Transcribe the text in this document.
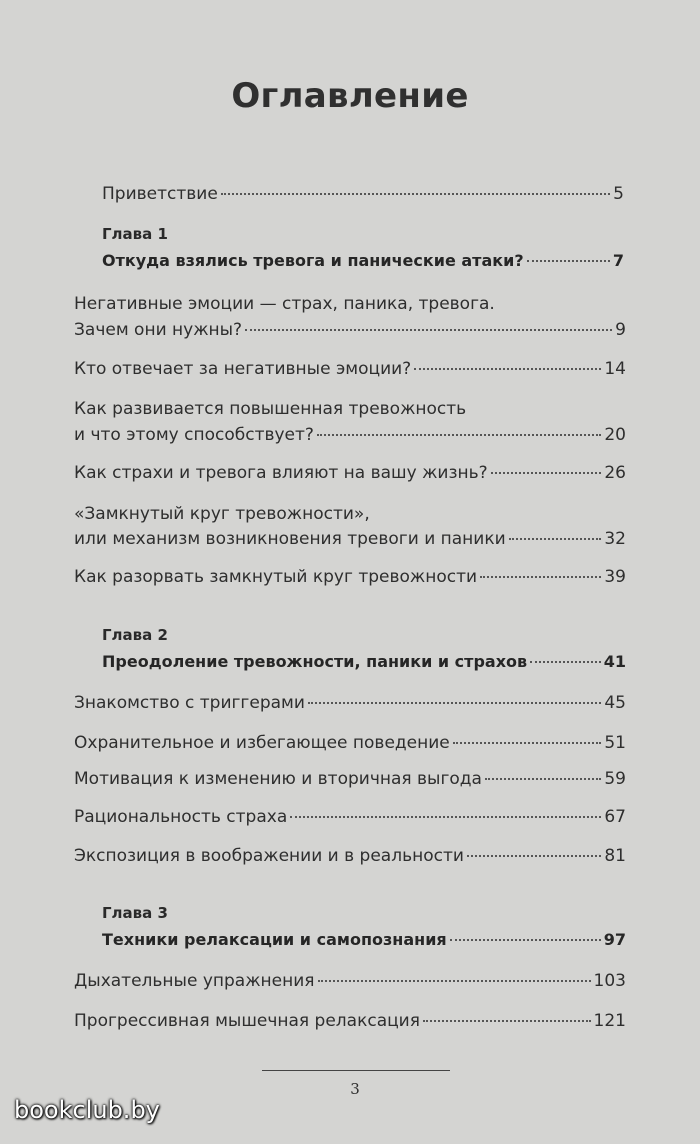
Оглавление
Приветствие	5
Глава 1
Откуда взялись тревога и панические атаки?	7
Негативные эмоции — страх, паника, тревога.
Зачем они нужны?	9
Кто отвечает за негативные эмоции?	14
Как развивается повышенная тревожность
и что этому способствует?	20
Как страхи и тревога влияют на вашу жизнь?	26
«Замкнутый круг тревожности»,
или механизм возникновения тревоги и паники	32
Как разорвать замкнутый круг тревожности	39
Глава 2
Преодоление тревожности, паники и страхов	41
Знакомство с триггерами	45
Охранительное и избегающее поведение	51
Мотивация к изменению и вторичная выгода	59
Рациональность страха	67
Экспозиция в воображении и в реальности	81
Глава 3
Техники релаксации и самопознания	97
Дыхательные упражнения	103
Прогрессивная мышечная релаксация	121
3
bookclub.by
